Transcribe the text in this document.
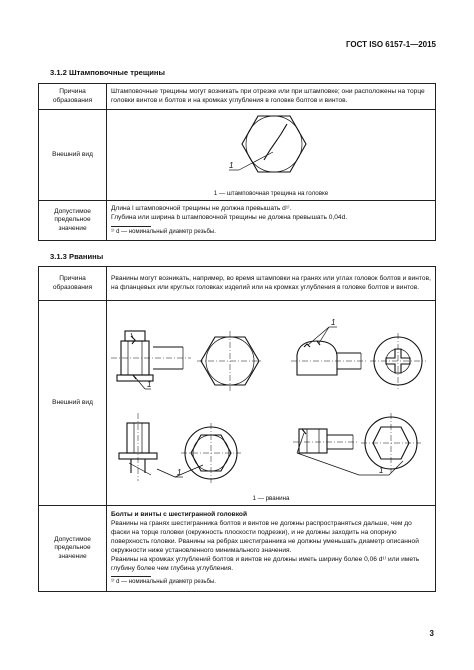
ГОСТ ISO 6157-1—2015
3.1.2 Штамповочные трещины
Причина образования	Штамповочные трещины могут возникать при отрезке или при штамповке; они расположены на торце головки винтов и болтов и на кромках углубления в головке болтов и винтов.
Внешний вид	1
1 — штамповочная трещина на головке

Допустимое предельное значение	Длина l штамповочной трещины не должна превышать d¹⁾.
Глубина или ширина b штамповочной трещины не должна превышать 0,04d.
¹⁾ d — номинальный диаметр резьбы.
3.1.3 Рванины
Причина образования	Рванины могут возникать, например, во время штамповки на гранях или углах головок болтов и винтов, на фланцевых или круглых головках изделий или на кромках углубления в головке болтов и винтов.
Внешний вид	1
1
1 1
1 — рванина

Допустимое предельное значение	Болты и винты с шестигранной головкой
Рванины на гранях шестигранника болтов и винтов не должны распространяться дальше, чем до фаски на торце головки (окружность плоскости подрезки), и не должны заходить на опорную поверхность головки. Рванины на ребрах шестигранника не должны уменьшать диаметр описанной окружности ниже установленного минимального значения.
Рванины на кромках углублений болтов и винтов не должны иметь ширину более 0,06 d¹⁾ или иметь глубину более чем глубина углубления.
¹⁾ d — номинальный диаметр резьбы.
3
